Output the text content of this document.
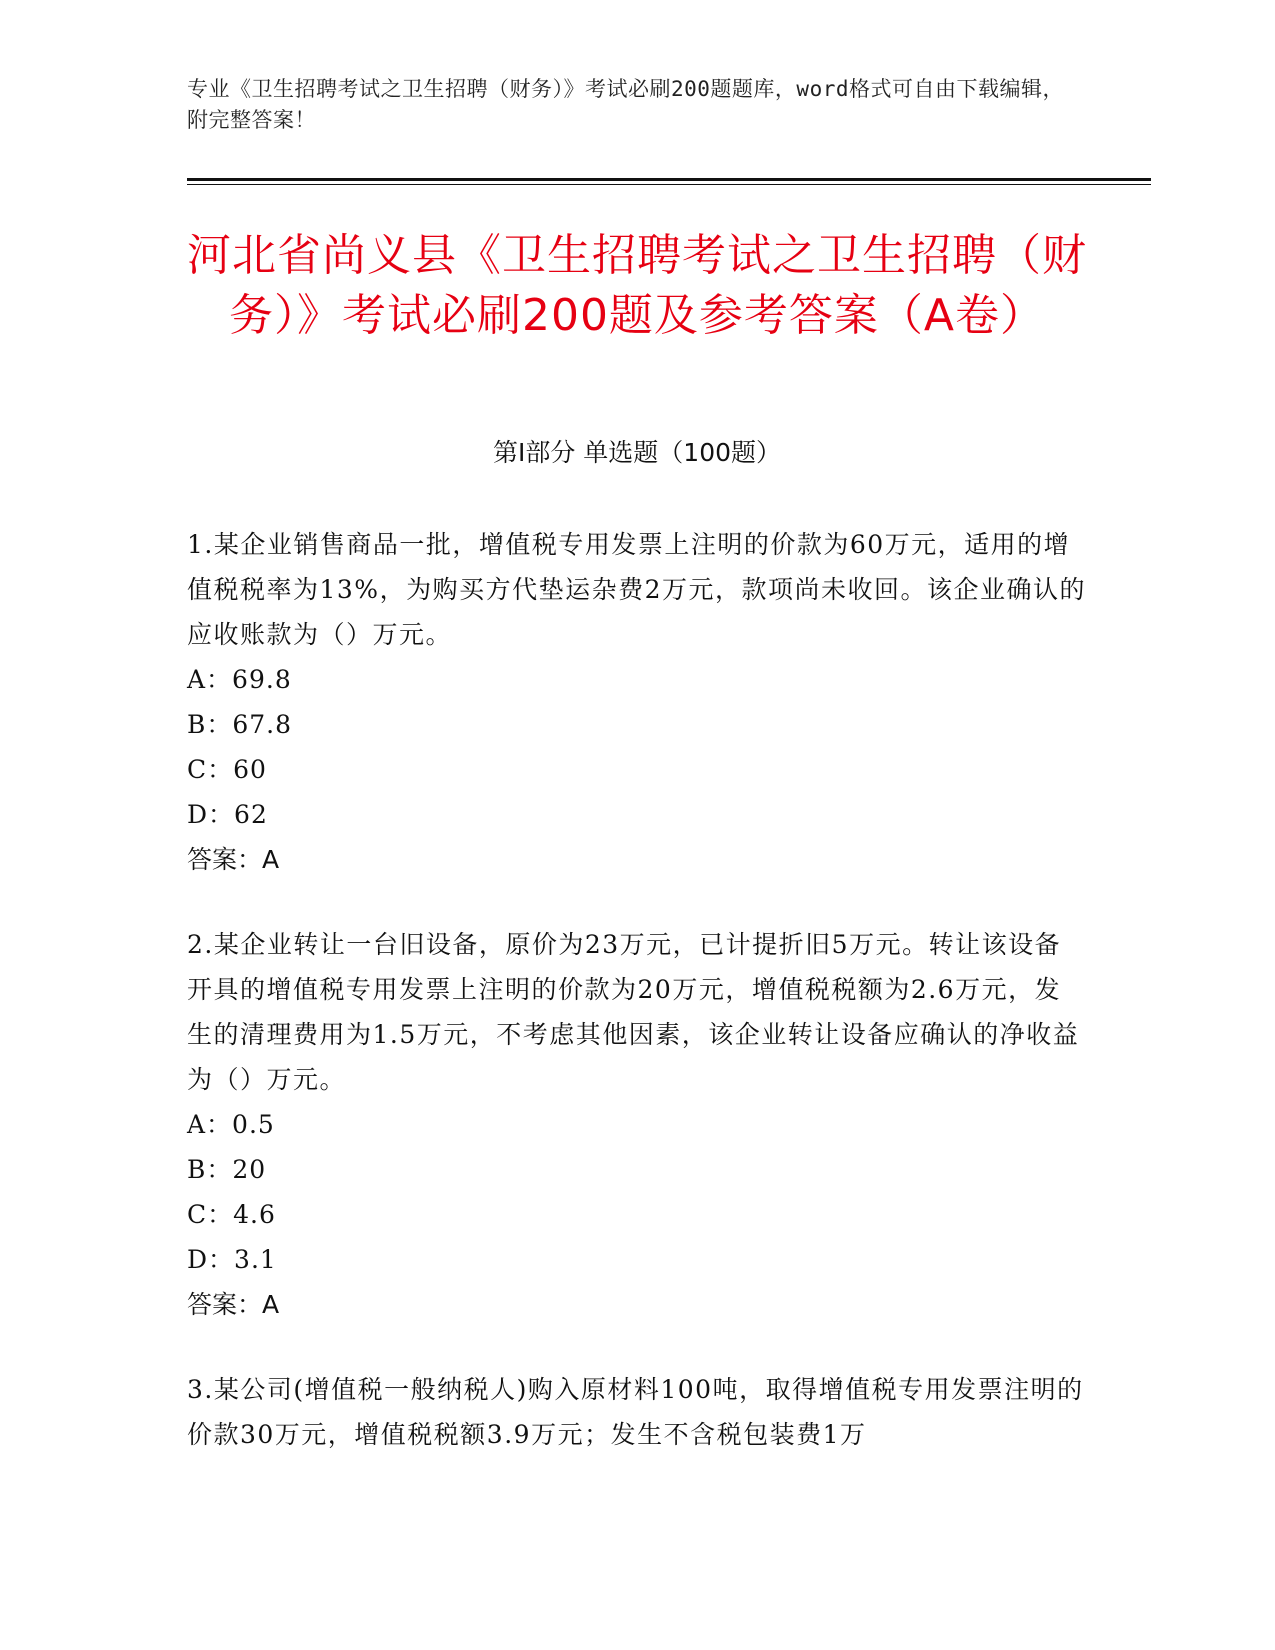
专业《卫生招聘考试之卫生招聘（财务）》考试必刷200题题库，word格式可自由下载编辑，附完整答案！
河北省尚义县《卫生招聘考试之卫生招聘（财务）》考试必刷200题及参考答案（A卷）
第I部分 单选题（100题）

1.某企业销售商品一批，增值税专用发票上注明的价款为60万元，适用的增值税税率为13%，为购买方代垫运杂费2万元，款项尚未收回。该企业确认的应收账款为（）万元。

A：69.8

B：67.8

C：60

D：62

答案：A

2.某企业转让一台旧设备，原价为23万元，已计提折旧5万元。转让该设备开具的增值税专用发票上注明的价款为20万元，增值税税额为2.6万元，发生的清理费用为1.5万元，不考虑其他因素，该企业转让设备应确认的净收益为（）万元。

A：0.5

B：20

C：4.6

D：3.1

答案：A

3.某公司(增值税一般纳税人)购入原材料100吨，取得增值税专用发票注明的价款30万元，增值税税额3.9万元；发生不含税包装费1万
